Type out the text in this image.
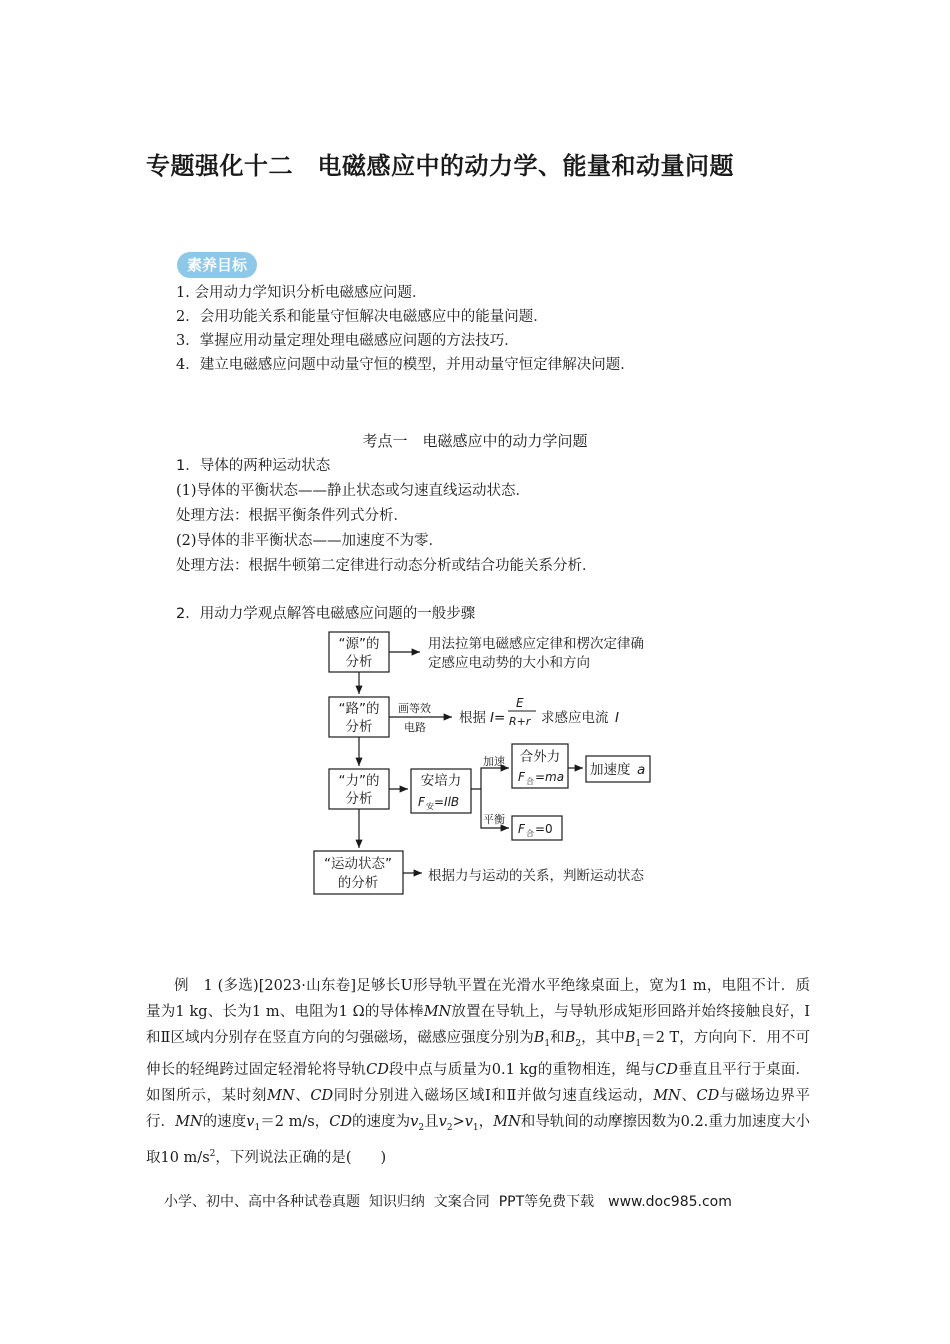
专题强化十二　电磁感应中的动力学、能量和动量问题
素养目标
1. 会用动力学知识分析电磁感应问题．
2．会用功能关系和能量守恒解决电磁感应中的能量问题．
3．掌握应用动量定理处理电磁感应问题的方法技巧．
4．建立电磁感应问题中动量守恒的模型，并用动量守恒定律解决问题．
考点一　电磁感应中的动力学问题
1．导体的两种运动状态
(1)导体的平衡状态——静止状态或匀速直线运动状态．
处理方法：根据平衡条件列式分析．
(2)导体的非平衡状态——加速度不为零．
处理方法：根据牛顿第二定律进行动态分析或结合功能关系分析．
2．用动力学观点解答电磁感应问题的一般步骤
“源”的
分析
“路”的
分析
“力”的
分析
“运动状态”
的分析
安培力
合外力
用法拉第电磁感应定律和楞次定律确
定感应电动势的大小和方向
根据力与运动的关系，判断运动状态
根据 I=
E
R+r 求感应电流 I
加速度 a
画等效
电路
加速
平衡
F 安 =IlB
F 合 =ma
F 合 =0
例　1 (多选)[2023·山东卷]足够长U形导轨平置在光滑水平绝缘桌面上，宽为1 m，电阻不计．质量为1 kg、长为1 m、电阻为1 Ω的导体棒MN放置在导轨上，与导轨形成矩形回路并始终接触良好，Ⅰ和Ⅱ区域内分别存在竖直方向的匀强磁场，磁感应强度分别为$B_1$和$B_2$，其中$B_1=2$ T，方向向下．用不可伸长的轻绳跨过固定轻滑轮将导轨CD段中点与质量为0.1 kg的重物相连，绳与CD垂直且平行于桌面．如图所示，某时刻MN、CD同时分别进入磁场区域Ⅰ和Ⅱ并做匀速直线运动，MN、CD与磁场边界平行．MN的速度$v_1=2$ m/s，CD的速度为$v_2$且$v_2>v_1$，MN和导轨间的动摩擦因数为0.2.重力加速度大小取10 $m/s^2$，下列说法正确的是(　　)
小学、初中、高中各种试卷真题  知识归纳  文案合同  PPT等免费下载 www.doc985.com
